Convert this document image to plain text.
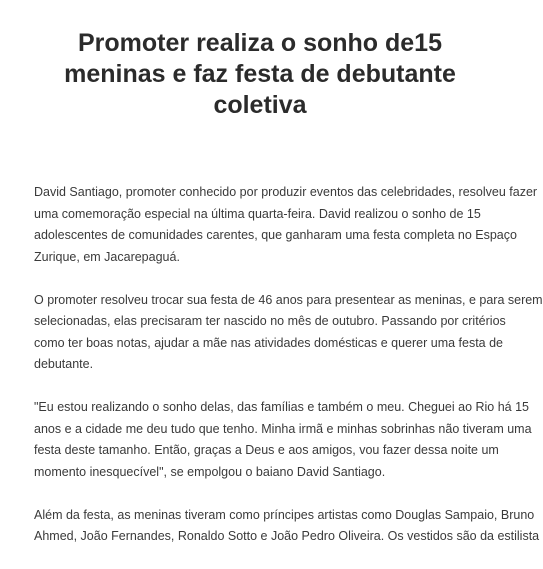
Promoter realiza o sonho de15
meninas e faz festa de debutante
coletiva

David Santiago, promoter conhecido por produzir eventos das celebridades, resolveu fazer
uma comemoração especial na última quarta-feira. David realizou o sonho de 15
adolescentes de comunidades carentes, que ganharam uma festa completa no Espaço
Zurique, em Jacarepaguá.

O promoter resolveu trocar sua festa de 46 anos para presentear as meninas, e para serem
selecionadas, elas precisaram ter nascido no mês de outubro. Passando por critérios
como ter boas notas, ajudar a mãe nas atividades domésticas e querer uma festa de
debutante.

"Eu estou realizando o sonho delas, das famílias e também o meu. Cheguei ao Rio há 15
anos e a cidade me deu tudo que tenho. Minha irmã e minhas sobrinhas não tiveram uma
festa deste tamanho. Então, graças a Deus e aos amigos, vou fazer dessa noite um
momento inesquecível", se empolgou o baiano David Santiago.

Além da festa, as meninas tiveram como príncipes artistas como Douglas Sampaio, Bruno
Ahmed, João Fernandes, Ronaldo Sotto e João Pedro Oliveira. Os vestidos são da estilista
